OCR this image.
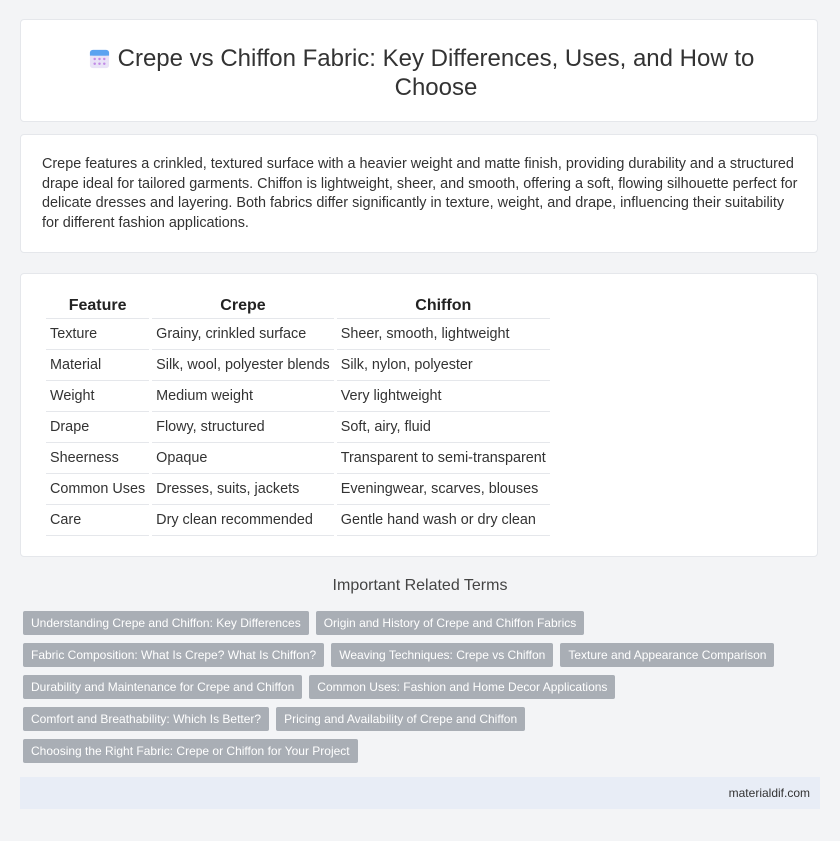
Crepe vs Chiffon Fabric: Key Differences, Uses, and How to Choose

Crepe features a crinkled, textured surface with a heavier weight and matte finish, providing durability and a structured drape ideal for tailored garments. Chiffon is lightweight, sheer, and smooth, offering a soft, flowing silhouette perfect for delicate dresses and layering. Both fabrics differ significantly in texture, weight, and drape, influencing their suitability for different fashion applications.

Feature	Crepe	Chiffon
Texture	Grainy, crinkled surface	Sheer, smooth, lightweight
Material	Silk, wool, polyester blends	Silk, nylon, polyester
Weight	Medium weight	Very lightweight
Drape	Flowy, structured	Soft, airy, fluid
Sheerness	Opaque	Transparent to semi-transparent
Common Uses	Dresses, suits, jackets	Eveningwear, scarves, blouses
Care	Dry clean recommended	Gentle hand wash or dry clean
Important Related Terms
Understanding Crepe and Chiffon: Key Differences	Origin and History of Crepe and Chiffon Fabrics
Fabric Composition: What Is Crepe? What Is Chiffon?	Weaving Techniques: Crepe vs Chiffon	Texture and Appearance Comparison
Durability and Maintenance for Crepe and Chiffon	Common Uses: Fashion and Home Decor Applications
Comfort and Breathability: Which Is Better?	Pricing and Availability of Crepe and Chiffon
Choosing the Right Fabric: Crepe or Chiffon for Your Project
materialdif.com
